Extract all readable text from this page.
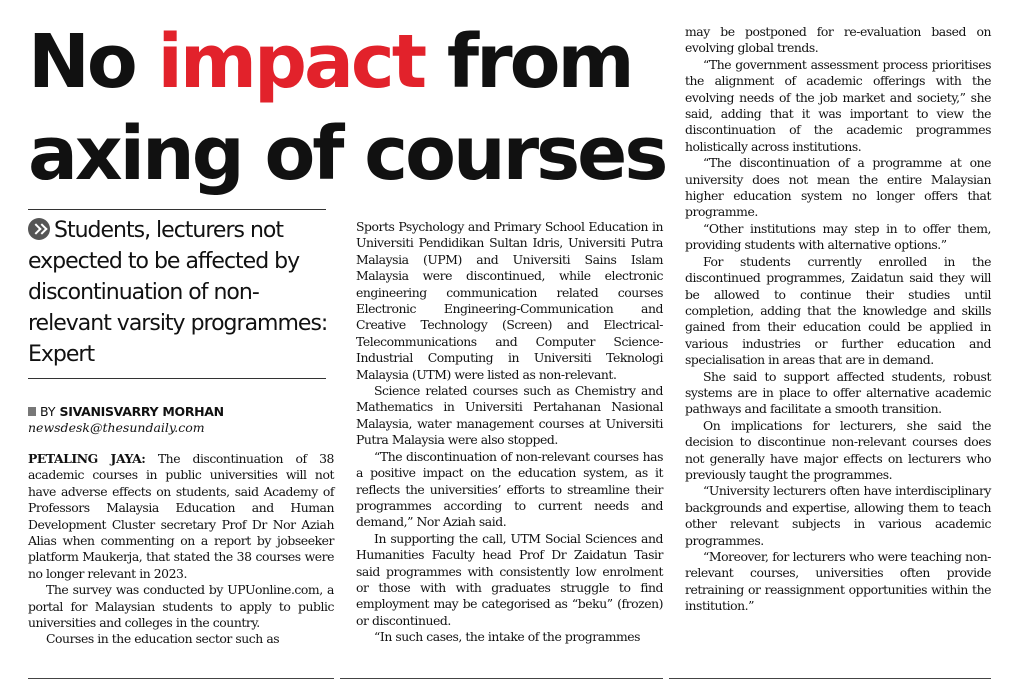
No impact from axing of courses

Students, lecturers not expected to be affected by discontinuation of non-relevant varsity programmes: Expert

BY SIVANISVARRY MORHAN
newsdesk@thesundaily.com

PETALING JAYA: The discontinuation of 38 academic courses in public universities will not have adverse effects on students, said Academy of Professors Malaysia Education and Human Development Cluster secretary Prof Dr Nor Aziah Alias when commenting on a report by jobseeker platform Maukerja, that stated the 38 courses were no longer relevant in 2023.

The survey was conducted by UPUonline.com, a portal for Malaysian students to apply to public universities and colleges in the country.

Courses in the education sector such as

Sports Psychology and Primary School Education in Universiti Pendidikan Sultan Idris, Universiti Putra Malaysia (UPM) and Universiti Sains Islam Malaysia were discontinued, while electronic engineering communication related courses Electronic Engineering-Communication and Creative Technology (Screen) and Electrical-Telecommunications and Computer Science-Industrial Computing in Universiti Teknologi Malaysia (UTM) were listed as non-relevant.

Science related courses such as Chemistry and Mathematics in Universiti Pertahanan Nasional Malaysia, water management courses at Universiti Putra Malaysia were also stopped.

“The discontinuation of non-relevant courses has a positive impact on the education system, as it reflects the universities’ efforts to streamline their programmes according to current needs and demand,” Nor Aziah said.

In supporting the call, UTM Social Sciences and Humanities Faculty head Prof Dr Zaidatun Tasir said programmes with consistently low enrolment or those with with graduates struggle to find employment may be categorised as “beku” (frozen) or discontinued.

“In such cases, the intake of the programmes

may be postponed for re-evaluation based on evolving global trends.

“The government assessment process prioritises the alignment of academic offerings with the evolving needs of the job market and society,” she said, adding that it was important to view the discontinuation of the academic programmes holistically across institutions.

“The discontinuation of a programme at one university does not mean the entire Malaysian higher education system no longer offers that programme.

“Other institutions may step in to offer them, providing students with alternative options.”

For students currently enrolled in the discontinued programmes, Zaidatun said they will be allowed to continue their studies until completion, adding that the knowledge and skills gained from their education could be applied in various industries or further education and specialisation in areas that are in demand.

She said to support affected students, robust systems are in place to offer alternative academic pathways and facilitate a smooth transition.

On implications for lecturers, she said the decision to discontinue non-relevant courses does not generally have major effects on lecturers who previously taught the programmes.

“University lecturers often have interdisciplinary backgrounds and expertise, allowing them to teach other relevant subjects in various academic programmes.

“Moreover, for lecturers who were teaching non-relevant courses, universities often provide retraining or reassignment opportunities within the institution.”
